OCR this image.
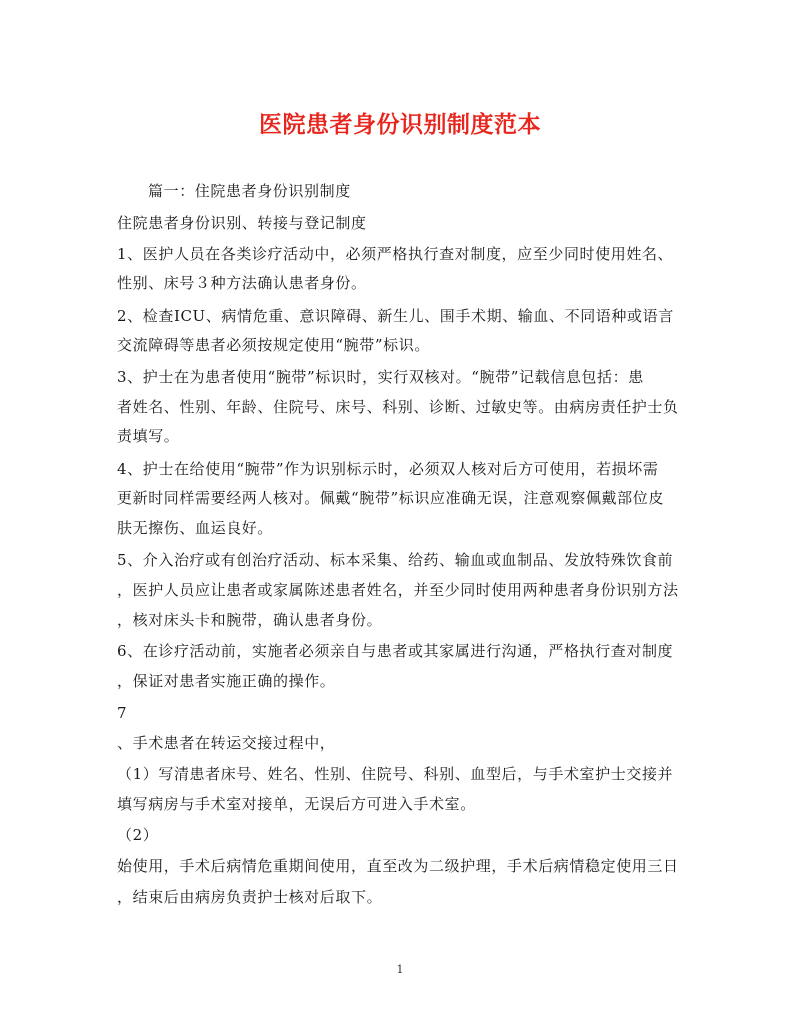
医院患者身份识别制度范本
篇一：住院患者身份识别制度
住院患者身份识别、转接与登记制度
1、医护人员在各类诊疗活动中，必须严格执行查对制度，应至少同时使用姓名、
性别、床号３种方法确认患者身份。
2、检查ICU、病情危重、意识障碍、新生儿、围手术期、输血、不同语种或语言
交流障碍等患者必须按规定使用“腕带”标识。
3、护士在为患者使用“腕带”标识时，实行双核对。“腕带”记载信息包括：患
者姓名、性别、年龄、住院号、床号、科别、诊断、过敏史等。由病房责任护士负
责填写。
4、护士在给使用“腕带”作为识别标示时，必须双人核对后方可使用，若损坏需
更新时同样需要经两人核对。佩戴“腕带”标识应准确无误，注意观察佩戴部位皮
肤无擦伤、血运良好。
5、介入治疗或有创治疗活动、标本采集、给药、输血或血制品、发放特殊饮食前
，医护人员应让患者或家属陈述患者姓名，并至少同时使用两种患者身份识别方法
，核对床头卡和腕带，确认患者身份。
6、在诊疗活动前，实施者必须亲自与患者或其家属进行沟通，严格执行查对制度
，保证对患者实施正确的操作。
7
、手术患者在转运交接过程中，
（1）写清患者床号、姓名、性别、住院号、科别、血型后，与手术室护士交接并
填写病房与手术室对接单，无误后方可进入手术室。
（2）
始使用，手术后病情危重期间使用，直至改为二级护理，手术后病情稳定使用三日
，结束后由病房负责护士核对后取下。
1
